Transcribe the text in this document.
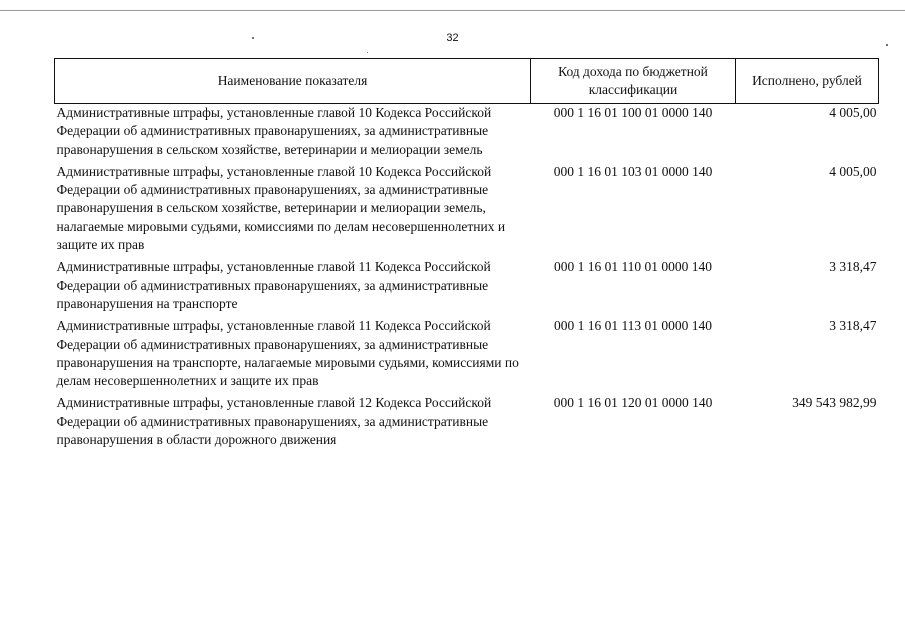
32
Наименование показателя	Код дохода по бюджетной классификации	Исполнено, рублей
Административные штрафы, установленные главой 10 Кодекса Российской Федерации об административных правонарушениях, за административные правонарушения в сельском хозяйстве, ветеринарии и мелиорации земель	000 1 16 01 100 01 0000 140	4 005,00
Административные штрафы, установленные главой 10 Кодекса Российской Федерации об административных правонарушениях, за административные правонарушения в сельском хозяйстве, ветеринарии и мелиорации земель, налагаемые мировыми судьями, комиссиями по делам несовершеннолетних и защите их прав	000 1 16 01 103 01 0000 140	4 005,00
Административные штрафы, установленные главой 11 Кодекса Российской Федерации об административных правонарушениях, за административные правонарушения на транспорте	000 1 16 01 110 01 0000 140	3 318,47
Административные штрафы, установленные главой 11 Кодекса Российской Федерации об административных правонарушениях, за административные правонарушения на транспорте, налагаемые мировыми судьями, комиссиями по делам несовершеннолетних и защите их прав	000 1 16 01 113 01 0000 140	3 318,47
Административные штрафы, установленные главой 12 Кодекса Российской Федерации об административных правонарушениях, за административные правонарушения в области дорожного движения	000 1 16 01 120 01 0000 140	349 543 982,99
